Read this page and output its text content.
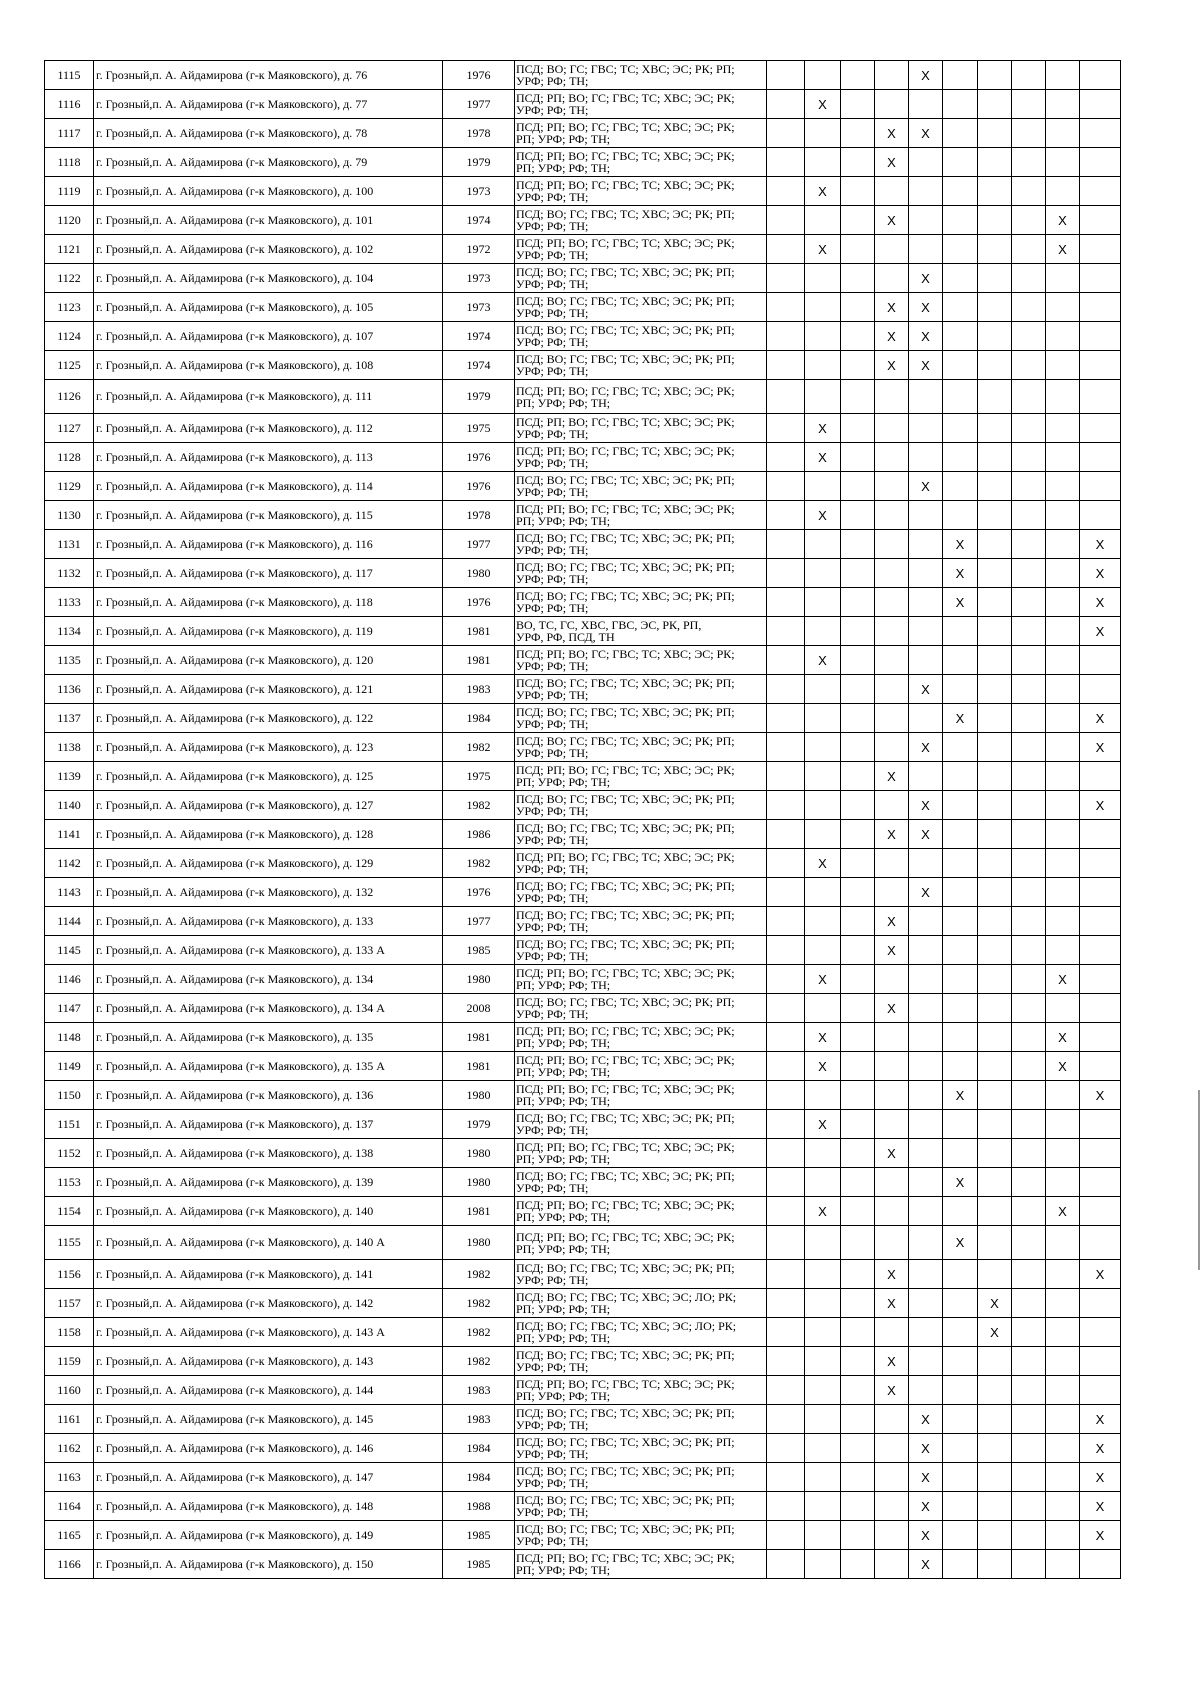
1115	г. Грозный,п. А. Айдамирова (г-к Маяковского), д. 76	1976	ПСД; ВО; ГС; ГВС; ТС; ХВС; ЭС; РК; РП;
УРФ; РФ; ТН;					X					
1116	г. Грозный,п. А. Айдамирова (г-к Маяковского), д. 77	1977	ПСД; РП; ВО; ГС; ГВС; ТС; ХВС; ЭС; РК;
УРФ; РФ; ТН;		X								
1117	г. Грозный,п. А. Айдамирова (г-к Маяковского), д. 78	1978	ПСД; РП; ВО; ГС; ГВС; ТС; ХВС; ЭС; РК;
РП; УРФ; РФ; ТН;				X	X					
1118	г. Грозный,п. А. Айдамирова (г-к Маяковского), д. 79	1979	ПСД; РП; ВО; ГС; ГВС; ТС; ХВС; ЭС; РК;
РП; УРФ; РФ; ТН;				X						
1119	г. Грозный,п. А. Айдамирова (г-к Маяковского), д. 100	1973	ПСД; РП; ВО; ГС; ГВС; ТС; ХВС; ЭС; РК;
УРФ; РФ; ТН;		X								
1120	г. Грозный,п. А. Айдамирова (г-к Маяковского), д. 101	1974	ПСД; ВО; ГС; ГВС; ТС; ХВС; ЭС; РК; РП;
УРФ; РФ; ТН;				X					X	
1121	г. Грозный,п. А. Айдамирова (г-к Маяковского), д. 102	1972	ПСД; РП; ВО; ГС; ГВС; ТС; ХВС; ЭС; РК;
УРФ; РФ; ТН;		X							X	
1122	г. Грозный,п. А. Айдамирова (г-к Маяковского), д. 104	1973	ПСД; ВО; ГС; ГВС; ТС; ХВС; ЭС; РК; РП;
УРФ; РФ; ТН;					X					
1123	г. Грозный,п. А. Айдамирова (г-к Маяковского), д. 105	1973	ПСД; ВО; ГС; ГВС; ТС; ХВС; ЭС; РК; РП;
УРФ; РФ; ТН;				X	X					
1124	г. Грозный,п. А. Айдамирова (г-к Маяковского), д. 107	1974	ПСД; ВО; ГС; ГВС; ТС; ХВС; ЭС; РК; РП;
УРФ; РФ; ТН;				X	X					
1125	г. Грозный,п. А. Айдамирова (г-к Маяковского), д. 108	1974	ПСД; ВО; ГС; ГВС; ТС; ХВС; ЭС; РК; РП;
УРФ; РФ; ТН;				X	X					
1126	г. Грозный,п. А. Айдамирова (г-к Маяковского), д. 111	1979	ПСД; РП; ВО; ГС; ГВС; ТС; ХВС; ЭС; РК;
РП; УРФ; РФ; ТН;										

1127	г. Грозный,п. А. Айдамирова (г-к Маяковского), д. 112	1975	ПСД; РП; ВО; ГС; ГВС; ТС; ХВС; ЭС; РК;
УРФ; РФ; ТН;		X								
1128	г. Грозный,п. А. Айдамирова (г-к Маяковского), д. 113	1976	ПСД; РП; ВО; ГС; ГВС; ТС; ХВС; ЭС; РК;
УРФ; РФ; ТН;		X								
1129	г. Грозный,п. А. Айдамирова (г-к Маяковского), д. 114	1976	ПСД; ВО; ГС; ГВС; ТС; ХВС; ЭС; РК; РП;
УРФ; РФ; ТН;					X					
1130	г. Грозный,п. А. Айдамирова (г-к Маяковского), д. 115	1978	ПСД; РП; ВО; ГС; ГВС; ТС; ХВС; ЭС; РК;
РП; УРФ; РФ; ТН;		X								
1131	г. Грозный,п. А. Айдамирова (г-к Маяковского), д. 116	1977	ПСД; ВО; ГС; ГВС; ТС; ХВС; ЭС; РК; РП;
УРФ; РФ; ТН;						X				X
1132	г. Грозный,п. А. Айдамирова (г-к Маяковского), д. 117	1980	ПСД; ВО; ГС; ГВС; ТС; ХВС; ЭС; РК; РП;
УРФ; РФ; ТН;						X				X
1133	г. Грозный,п. А. Айдамирова (г-к Маяковского), д. 118	1976	ПСД; ВО; ГС; ГВС; ТС; ХВС; ЭС; РК; РП;
УРФ; РФ; ТН;						X				X
1134	г. Грозный,п. А. Айдамирова (г-к Маяковского), д. 119	1981	ВО, ТС, ГС, ХВС, ГВС, ЭС, РК, РП,
УРФ, РФ, ПСД, ТН										X
1135	г. Грозный,п. А. Айдамирова (г-к Маяковского), д. 120	1981	ПСД; РП; ВО; ГС; ГВС; ТС; ХВС; ЭС; РК;
УРФ; РФ; ТН;		X								
1136	г. Грозный,п. А. Айдамирова (г-к Маяковского), д. 121	1983	ПСД; ВО; ГС; ГВС; ТС; ХВС; ЭС; РК; РП;
УРФ; РФ; ТН;					X					
1137	г. Грозный,п. А. Айдамирова (г-к Маяковского), д. 122	1984	ПСД; ВО; ГС; ГВС; ТС; ХВС; ЭС; РК; РП;
УРФ; РФ; ТН;						X				X
1138	г. Грозный,п. А. Айдамирова (г-к Маяковского), д. 123	1982	ПСД; ВО; ГС; ГВС; ТС; ХВС; ЭС; РК; РП;
УРФ; РФ; ТН;					X					X
1139	г. Грозный,п. А. Айдамирова (г-к Маяковского), д. 125	1975	ПСД; РП; ВО; ГС; ГВС; ТС; ХВС; ЭС; РК;
РП; УРФ; РФ; ТН;				X						
1140	г. Грозный,п. А. Айдамирова (г-к Маяковского), д. 127	1982	ПСД; ВО; ГС; ГВС; ТС; ХВС; ЭС; РК; РП;
УРФ; РФ; ТН;					X					X
1141	г. Грозный,п. А. Айдамирова (г-к Маяковского), д. 128	1986	ПСД; ВО; ГС; ГВС; ТС; ХВС; ЭС; РК; РП;
УРФ; РФ; ТН;				X	X					
1142	г. Грозный,п. А. Айдамирова (г-к Маяковского), д. 129	1982	ПСД; РП; ВО; ГС; ГВС; ТС; ХВС; ЭС; РК;
УРФ; РФ; ТН;		X								
1143	г. Грозный,п. А. Айдамирова (г-к Маяковского), д. 132	1976	ПСД; ВО; ГС; ГВС; ТС; ХВС; ЭС; РК; РП;
УРФ; РФ; ТН;					X					
1144	г. Грозный,п. А. Айдамирова (г-к Маяковского), д. 133	1977	ПСД; ВО; ГС; ГВС; ТС; ХВС; ЭС; РК; РП;
УРФ; РФ; ТН;				X						
1145	г. Грозный,п. А. Айдамирова (г-к Маяковского), д. 133 А	1985	ПСД; ВО; ГС; ГВС; ТС; ХВС; ЭС; РК; РП;
УРФ; РФ; ТН;				X						
1146	г. Грозный,п. А. Айдамирова (г-к Маяковского), д. 134	1980	ПСД; РП; ВО; ГС; ГВС; ТС; ХВС; ЭС; РК;
РП; УРФ; РФ; ТН;		X							X	
1147	г. Грозный,п. А. Айдамирова (г-к Маяковского), д. 134 А	2008	ПСД; ВО; ГС; ГВС; ТС; ХВС; ЭС; РК; РП;
УРФ; РФ; ТН;				X						
1148	г. Грозный,п. А. Айдамирова (г-к Маяковского), д. 135	1981	ПСД; РП; ВО; ГС; ГВС; ТС; ХВС; ЭС; РК;
РП; УРФ; РФ; ТН;		X							X	
1149	г. Грозный,п. А. Айдамирова (г-к Маяковского), д. 135 А	1981	ПСД; РП; ВО; ГС; ГВС; ТС; ХВС; ЭС; РК;
РП; УРФ; РФ; ТН;		X							X	
1150	г. Грозный,п. А. Айдамирова (г-к Маяковского), д. 136	1980	ПСД; РП; ВО; ГС; ГВС; ТС; ХВС; ЭС; РК;
РП; УРФ; РФ; ТН;						X				X
1151	г. Грозный,п. А. Айдамирова (г-к Маяковского), д. 137	1979	ПСД; ВО; ГС; ГВС; ТС; ХВС; ЭС; РК; РП;
УРФ; РФ; ТН;		X								
1152	г. Грозный,п. А. Айдамирова (г-к Маяковского), д. 138	1980	ПСД; РП; ВО; ГС; ГВС; ТС; ХВС; ЭС; РК;
РП; УРФ; РФ; ТН;				X						
1153	г. Грозный,п. А. Айдамирова (г-к Маяковского), д. 139	1980	ПСД; ВО; ГС; ГВС; ТС; ХВС; ЭС; РК; РП;
УРФ; РФ; ТН;						X				
1154	г. Грозный,п. А. Айдамирова (г-к Маяковского), д. 140	1981	ПСД; РП; ВО; ГС; ГВС; ТС; ХВС; ЭС; РК;
РП; УРФ; РФ; ТН;		X							X	
1155	г. Грозный,п. А. Айдамирова (г-к Маяковского), д. 140 А	1980	ПСД; РП; ВО; ГС; ГВС; ТС; ХВС; ЭС; РК;
РП; УРФ; РФ; ТН;						X				
1156	г. Грозный,п. А. Айдамирова (г-к Маяковского), д. 141	1982	ПСД; ВО; ГС; ГВС; ТС; ХВС; ЭС; РК; РП;
УРФ; РФ; ТН;				X						X
1157	г. Грозный,п. А. Айдамирова (г-к Маяковского), д. 142	1982	ПСД; ВО; ГС; ГВС; ТС; ХВС; ЭС; ЛО; РК;
РП; УРФ; РФ; ТН;				X			X			
1158	г. Грозный,п. А. Айдамирова (г-к Маяковского), д. 143 А	1982	ПСД; ВО; ГС; ГВС; ТС; ХВС; ЭС; ЛО; РК;
РП; УРФ; РФ; ТН;							X			
1159	г. Грозный,п. А. Айдамирова (г-к Маяковского), д. 143	1982	ПСД; ВО; ГС; ГВС; ТС; ХВС; ЭС; РК; РП;
УРФ; РФ; ТН;				X						
1160	г. Грозный,п. А. Айдамирова (г-к Маяковского), д. 144	1983	ПСД; РП; ВО; ГС; ГВС; ТС; ХВС; ЭС; РК;
РП; УРФ; РФ; ТН;				X						
1161	г. Грозный,п. А. Айдамирова (г-к Маяковского), д. 145	1983	ПСД; ВО; ГС; ГВС; ТС; ХВС; ЭС; РК; РП;
УРФ; РФ; ТН;					X					X
1162	г. Грозный,п. А. Айдамирова (г-к Маяковского), д. 146	1984	ПСД; ВО; ГС; ГВС; ТС; ХВС; ЭС; РК; РП;
УРФ; РФ; ТН;					X					X
1163	г. Грозный,п. А. Айдамирова (г-к Маяковского), д. 147	1984	ПСД; ВО; ГС; ГВС; ТС; ХВС; ЭС; РК; РП;
УРФ; РФ; ТН;					X					X
1164	г. Грозный,п. А. Айдамирова (г-к Маяковского), д. 148	1988	ПСД; ВО; ГС; ГВС; ТС; ХВС; ЭС; РК; РП;
УРФ; РФ; ТН;					X					X
1165	г. Грозный,п. А. Айдамирова (г-к Маяковского), д. 149	1985	ПСД; ВО; ГС; ГВС; ТС; ХВС; ЭС; РК; РП;
УРФ; РФ; ТН;					X					X
1166	г. Грозный,п. А. Айдамирова (г-к Маяковского), д. 150	1985	ПСД; РП; ВО; ГС; ГВС; ТС; ХВС; ЭС; РК;
РП; УРФ; РФ; ТН;					X					
